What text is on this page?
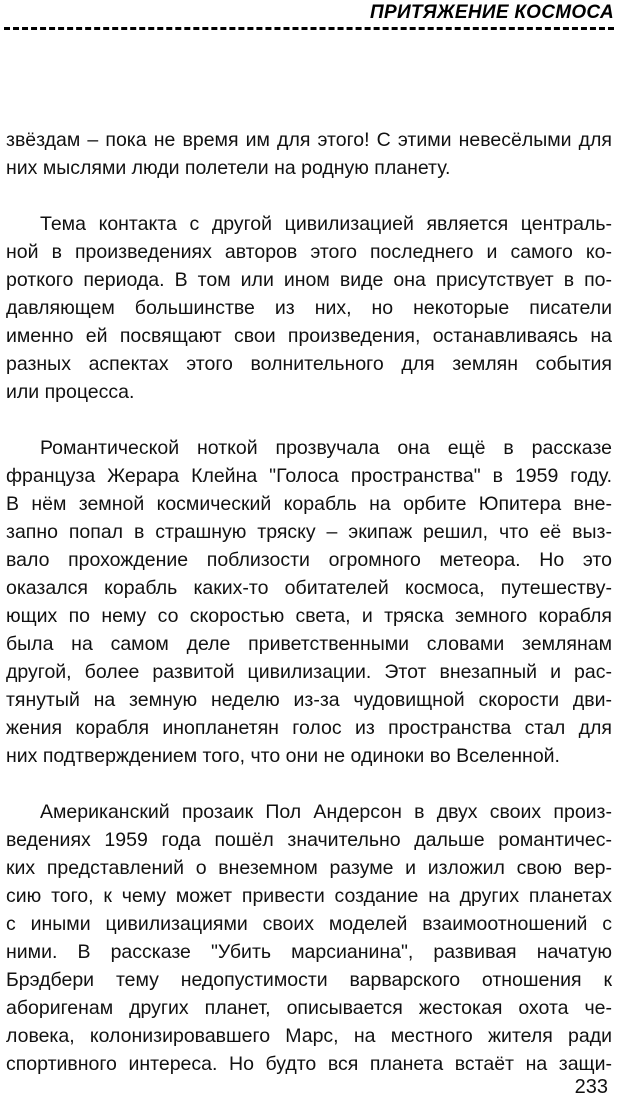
ПРИТЯЖЕНИЕ КОСМОСА
звёздам – пока не время им для этого! С этими невесёлыми для
них мыслями люди полетели на родную планету.
Тема контакта с другой цивилизацией является централь-
ной в произведениях авторов этого последнего и самого ко-
роткого периода. В том или ином виде она присутствует в по-
давляющем большинстве из них, но некоторые писатели
именно ей посвящают свои произведения, останавливаясь на
разных аспектах этого волнительного для землян события
или процесса.
Романтической ноткой прозвучала она ещё в рассказе
француза Жерара Клейна "Голоса пространства" в 1959 году.
В нём земной космический корабль на орбите Юпитера вне-
запно попал в страшную тряску – экипаж решил, что её выз-
вало прохождение поблизости огромного метеора. Но это
оказался корабль каких-то обитателей космоса, путешеству-
ющих по нему со скоростью света, и тряска земного корабля
была на самом деле приветственными словами землянам
другой, более развитой цивилизации. Этот внезапный и рас-
тянутый на земную неделю из-за чудовищной скорости дви-
жения корабля инопланетян голос из пространства стал для
них подтверждением того, что они не одиноки во Вселенной.
Американский прозаик Пол Андерсон в двух своих произ-
ведениях 1959 года пошёл значительно дальше романтичес-
ких представлений о внеземном разуме и изложил свою вер-
сию того, к чему может привести создание на других планетах
с иными цивилизациями своих моделей взаимоотношений с
ними. В рассказе "Убить марсианина", развивая начатую
Брэдбери тему недопустимости варварского отношения к
аборигенам других планет, описывается жестокая охота че-
ловека, колонизировавшего Марс, на местного жителя ради
спортивного интереса. Но будто вся планета встаёт на защи-
233
